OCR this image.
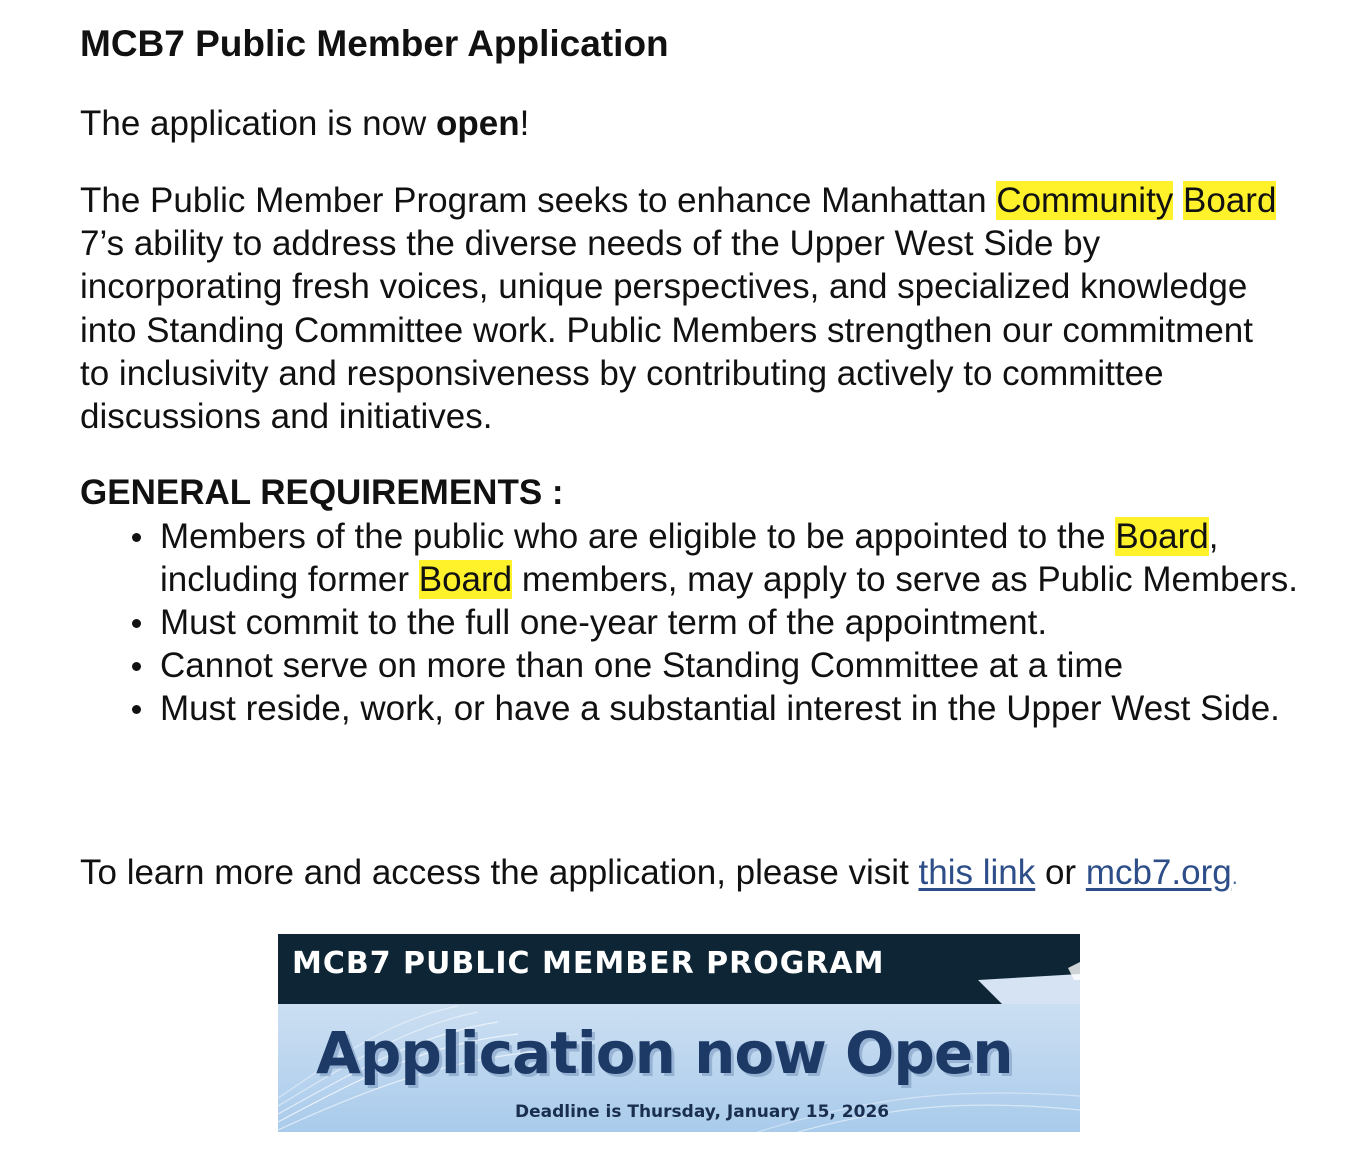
MCB7 Public Member Application

The application is now open!

The Public Member Program seeks to enhance Manhattan Community Board 7’s ability to address the diverse needs of the Upper West Side by incorporating fresh voices, unique perspectives, and specialized knowledge into Standing Committee work. Public Members strengthen our commitment to inclusivity and responsiveness by contributing actively to committee discussions and initiatives.

GENERAL REQUIREMENTS :
Members of the public who are eligible to be appointed to the Board, including former Board members, may apply to serve as Public Members.
Must commit to the full one-year term of the appointment.
Cannot serve on more than one Standing Committee at a time
Must reside, work, or have a substantial interest in the Upper West Side.

To learn more and access the application, please visit this link or mcb7.org.

MCB7 PUBLIC MEMBER PROGRAM

Application now Open

Deadline is Thursday, January 15, 2026
